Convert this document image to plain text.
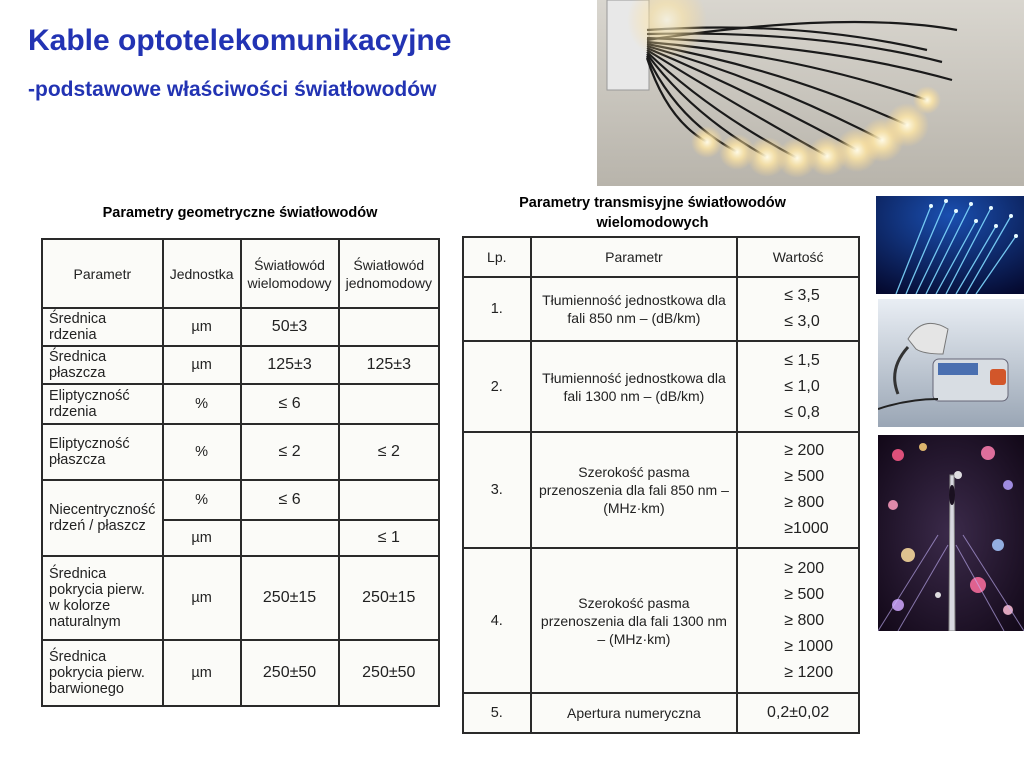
Kable optotelekomunikacyjne
-podstawowe właściwości światłowodów
Parametry geometryczne światłowodów
Parametry transmisyjne światłowodów wielomodowych
Parametr	Jednostka	Światłowód wielomodowy	Światłowód jednomodowy
Średnica rdzenia	µm	50±3	
Średnica płaszcza	µm	125±3	125±3
Eliptyczność rdzenia	%	≤ 6	
Eliptyczność płaszcza	%	≤ 2	≤ 2
Niecentryczność rdzeń / płaszcz	%	≤ 6	
	µm		≤ 1
Średnica pokrycia pierw. w kolorze naturalnym	µm	250±15	250±15
Średnica pokrycia pierw. barwionego	µm	250±50	250±50
Lp.	Parametr	Wartość
1.	Tłumienność jednostkowa dla fali 850 nm – (dB/km)	≤ 3,5
≤ 3,0

2.	Tłumienność jednostkowa dla fali 1300 nm – (dB/km)	≤ 1,5
≤ 1,0
≤ 0,8

3.	Szerokość pasma przenoszenia dla fali 850 nm – (MHz·km)	≥ 200
≥ 500
≥ 800
≥1000

4.	Szerokość pasma przenoszenia dla fali 1300 nm – (MHz·km)	≥ 200
≥ 500
≥ 800
≥ 1000
≥ 1200

5.	Apertura numeryczna	0,2±0,02
